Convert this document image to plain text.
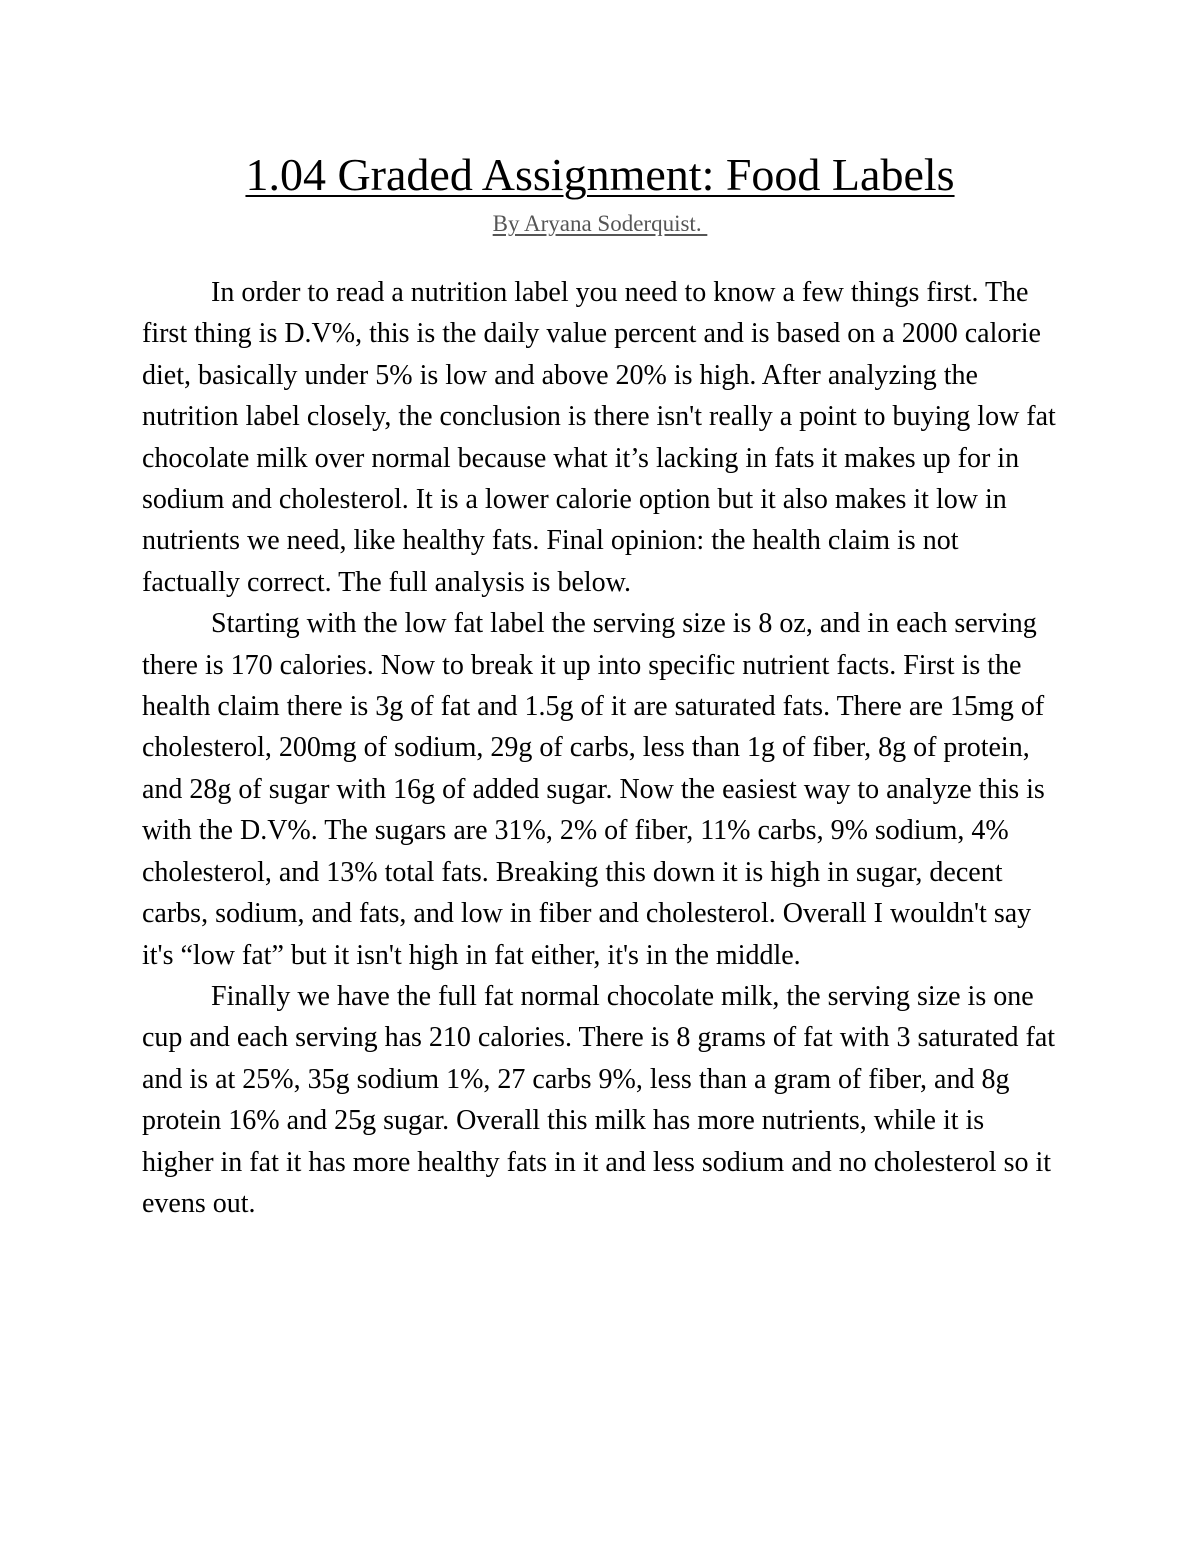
1.04 Graded Assignment: Food Labels
By Aryana Soderquist.

In order to read a nutrition label you need to know a few things first. The first thing is D.V%, this is the daily value percent and is based on a 2000 calorie diet, basically under 5% is low and above 20% is high. After analyzing the nutrition label closely, the conclusion is there isn't really a point to buying low fat chocolate milk over normal because what it’s lacking in fats it makes up for in sodium and cholesterol. It is a lower calorie option but it also makes it low in nutrients we need, like healthy fats. Final opinion: the health claim is not factually correct. The full analysis is below.

Starting with the low fat label the serving size is 8 oz, and in each serving there is 170 calories. Now to break it up into specific nutrient facts. First is the health claim there is 3g of fat and 1.5g of it are saturated fats. There are 15mg of cholesterol, 200mg of sodium, 29g of carbs, less than 1g of fiber, 8g of protein, and 28g of sugar with 16g of added sugar. Now the easiest way to analyze this is with the D.V%. The sugars are 31%, 2% of fiber, 11% carbs, 9% sodium, 4% cholesterol, and 13% total fats. Breaking this down it is high in sugar, decent carbs, sodium, and fats, and low in fiber and cholesterol. Overall I wouldn't say it's “low fat” but it isn't high in fat either, it's in the middle.

Finally we have the full fat normal chocolate milk, the serving size is one cup and each serving has 210 calories. There is 8 grams of fat with 3 saturated fat and is at 25%, 35g sodium 1%, 27 carbs 9%, less than a gram of fiber, and 8g protein 16% and 25g sugar. Overall this milk has more nutrients, while it is higher in fat it has more healthy fats in it and less sodium and no cholesterol so it evens out.
